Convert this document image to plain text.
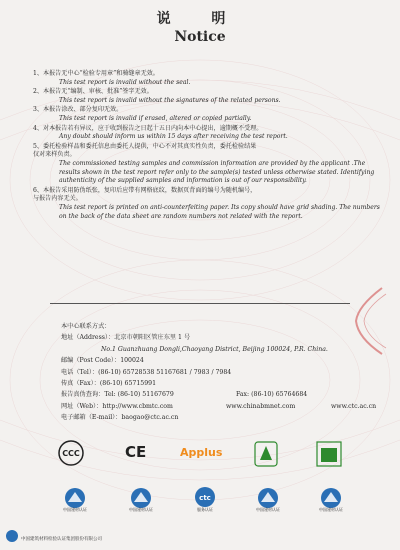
说 明
Notice
1、本报告无中心“检验专用章”和骑缝章无效。
This test report is invalid without the seal.
2、本报告无“编制、审核、批准”签字无效。
This test report is invalid without the signatures of the related persons.
3、本报告涂改、部分复印无效。
This test report is invalid if erased, altered or copied partially.
4、对本报告若有异议，应于收到报告之日起十五日内向本中心提出，逾期概不受理。
Any doubt should inform us within 15 days after receiving the test report.
5、委托检验样品和委托信息由委托人提供，中心不对其真实性负责，委托检验结果
仅对来样负责。
The commissioned testing samples and commission information are provided by the applicant .The results shown in the test report refer only to the sample(s) tested unless otherwise stated. Identifying authenticity of the supplied samples and information is out of our responsibility.
6、本报告采用防伪纸张，复印后应带有网格底纹，数据页背面的编号为随机编号，
与报告内容无关。
This test report is printed on anti-counterfeiting paper. Its copy should have grid shading. The numbers on the back of the data sheet are random numbers not related with the report.
本中心联系方式：
地址（Address）：北京市朝阳区管庄东里 1 号
No.1 Guanzhuang Dongli,Chaoyang District, Beijing 100024, P.R. China.
邮编（Post Code）：100024
电话（Tel）：(86-10) 65728538 51167681 / 7983 / 7984
传真（Fax）：(86-10) 65715991
报告真伪查询：Tel: (86-10) 51167679	Fax: (86-10) 65764684
网址（Web）：http://www.cbmtc.com	www.chinabmnet.com	www.ctc.ac.cn
电子邮箱（E-mail）：baogao@ctc.ac.cn
CCC	CE	Applus
中国建材认证	中国建材认证
ctc
服务认证	中国建材认证	中国建材认证
中国建筑材料检验认证集团股份有限公司
